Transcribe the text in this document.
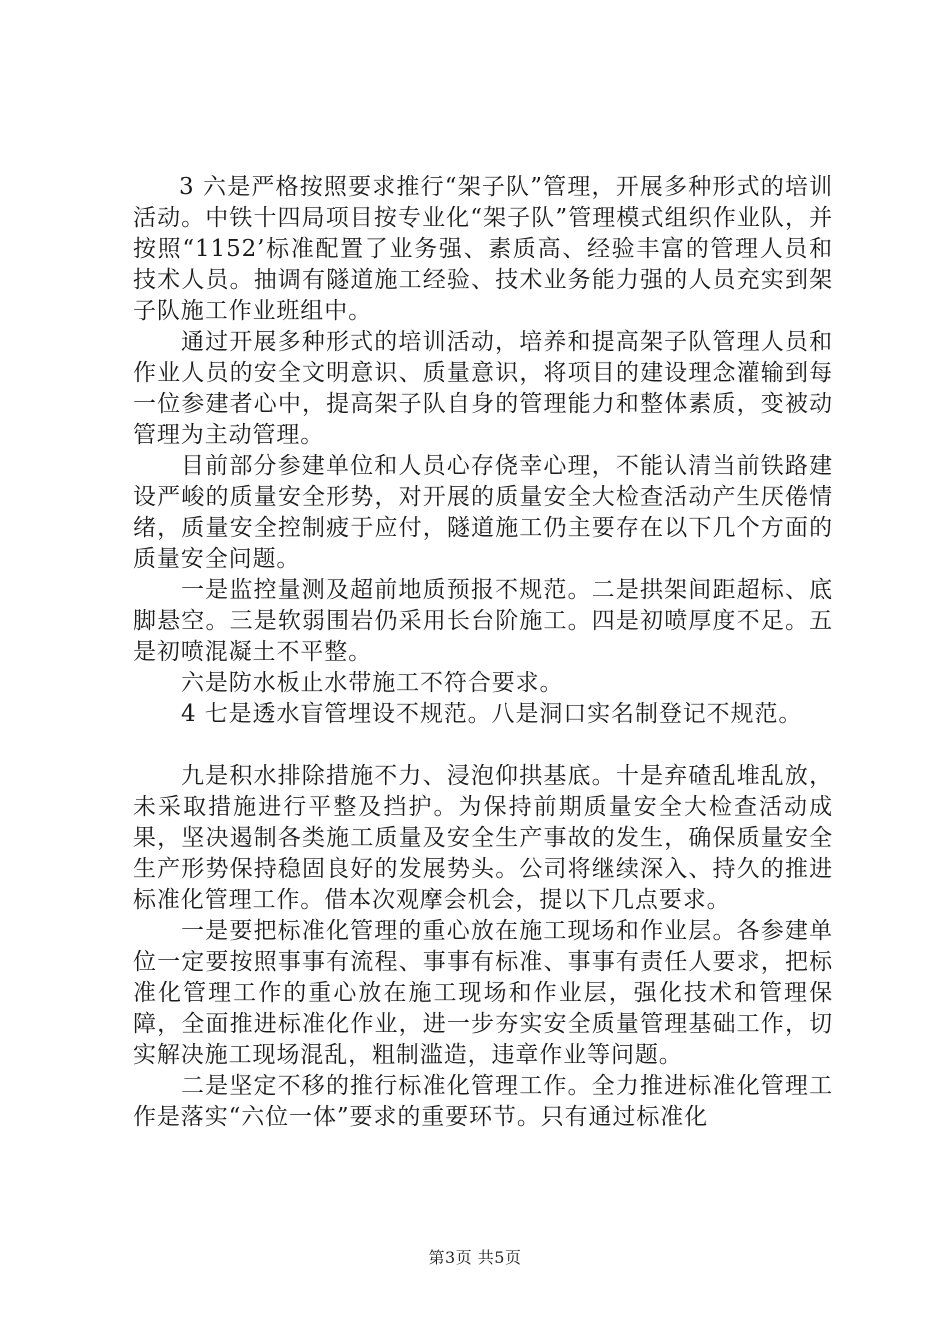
3 六是严格按照要求推行“架子队”管理，开展多种形式的培训活动。中铁十四局项目按专业化“架子队”管理模式组织作业队，并按照“1152’标准配置了业务强、素质高、经验丰富的管理人员和技术人员。抽调有隧道施工经验、技术业务能力强的人员充实到架子队施工作业班组中。

通过开展多种形式的培训活动，培养和提高架子队管理人员和作业人员的安全文明意识、质量意识，将项目的建设理念灌输到每一位参建者心中，提高架子队自身的管理能力和整体素质，变被动管理为主动管理。

目前部分参建单位和人员心存侥幸心理，不能认清当前铁路建设严峻的质量安全形势，对开展的质量安全大检查活动产生厌倦情绪，质量安全控制疲于应付，隧道施工仍主要存在以下几个方面的质量安全问题。

一是监控量测及超前地质预报不规范。二是拱架间距超标、底脚悬空。三是软弱围岩仍采用长台阶施工。四是初喷厚度不足。五是初喷混凝土不平整。

六是防水板止水带施工不符合要求。

4 七是透水盲管埋设不规范。八是洞口实名制登记不规范。

九是积水排除措施不力、浸泡仰拱基底。十是弃碴乱堆乱放，未采取措施进行平整及挡护。为保持前期质量安全大检查活动成果，坚决遏制各类施工质量及安全生产事故的发生，确保质量安全生产形势保持稳固良好的发展势头。公司将继续深入、持久的推进标准化管理工作。借本次观摩会机会，提以下几点要求。

一是要把标准化管理的重心放在施工现场和作业层。各参建单位一定要按照事事有流程、事事有标准、事事有责任人要求，把标准化管理工作的重心放在施工现场和作业层，强化技术和管理保障，全面推进标准化作业，进一步夯实安全质量管理基础工作，切实解决施工现场混乱，粗制滥造，违章作业等问题。

二是坚定不移的推行标准化管理工作。全力推进标准化管理工作是落实“六位一体”要求的重要环节。只有通过标准化

第3页 共5页
